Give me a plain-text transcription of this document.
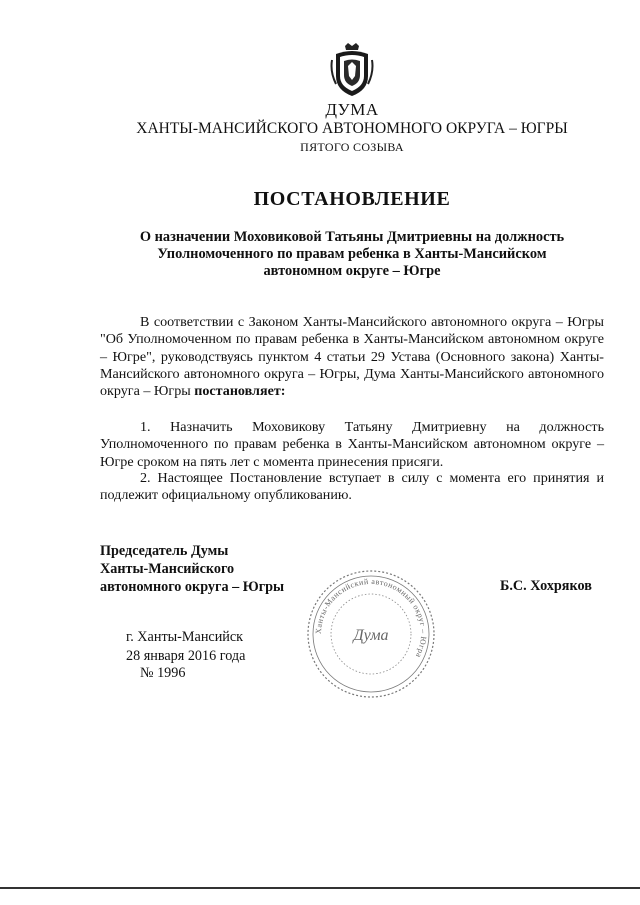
ДУМА
ХАНТЫ-МАНСИЙСКОГО АВТОНОМНОГО ОКРУГА – ЮГРЫ
ПЯТОГО СОЗЫВА
ПОСТАНОВЛЕНИЕ
О назначении Моховиковой Татьяны Дмитриевны на должность
Уполномоченного по правам ребенка в Ханты-Мансийском
автономном округе – Югре
В соответствии с Законом Ханты-Мансийского автономного округа – Югры "Об Уполномоченном по правам ребенка в Ханты-Мансийском автономном округе – Югре", руководствуясь пунктом 4 статьи 29 Устава (Основного закона) Ханты-Мансийского автономного округа – Югры, Дума Ханты-Мансийского автономного округа – Югры постановляет:
1. Назначить Моховикову Татьяну Дмитриевну на должность Уполномоченного по правам ребенка в Ханты-Мансийском автономном округе – Югре сроком на пять лет с момента принесения присяги.
2. Настоящее Постановление вступает в силу с момента его принятия и подлежит официальному опубликованию.
Председатель Думы
Ханты-Мансийского
автономного округа – Югры	Б.С. Хохряков
Ханты-Мансийский автономный округ – Югра
Дума
г. Ханты-Мансийск
28 января 2016 года
№ 1996
